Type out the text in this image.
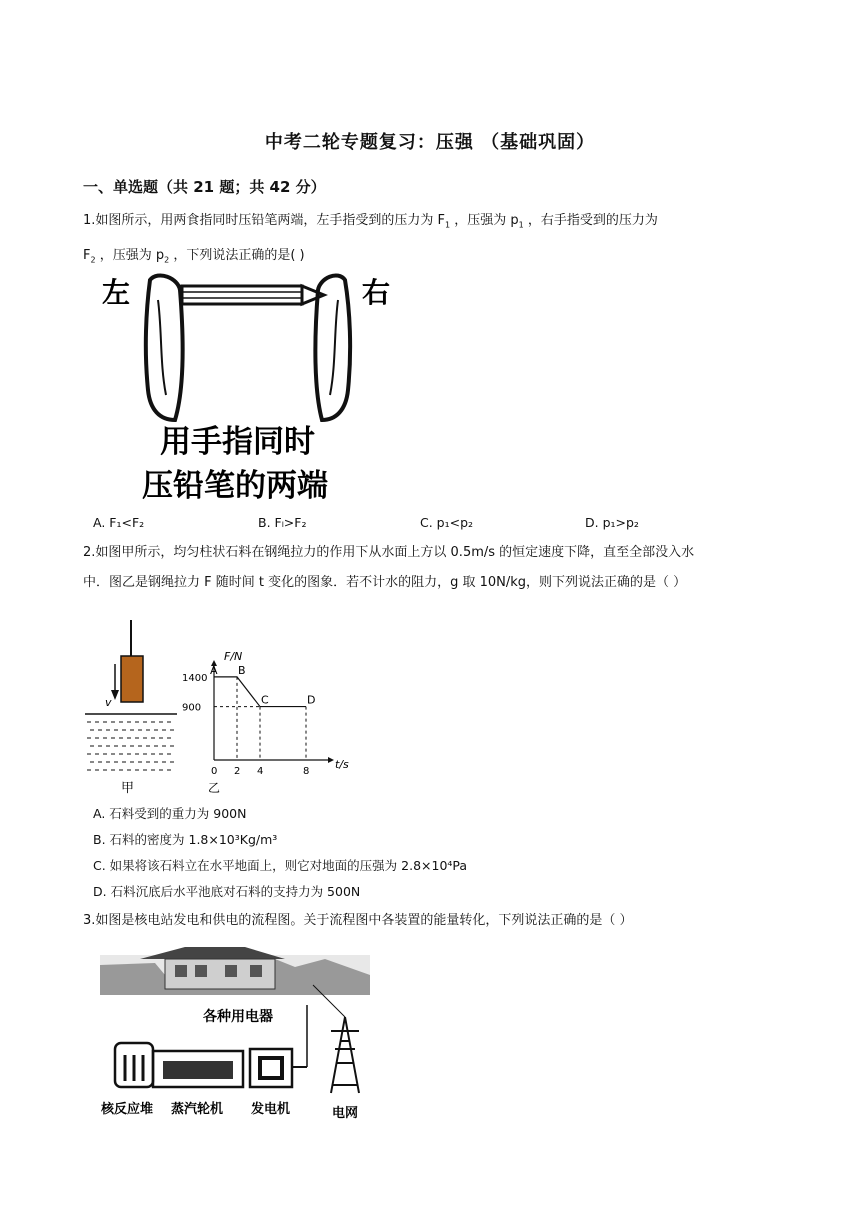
中考二轮专题复习：压强 （基础巩固）
一、单选题（共 21 题；共 42 分）
1.如图所示，用两食指同时压铅笔两端，左手指受到的压力为 $F_1$ ，压强为 $p_1$ ，右手指受到的压力为
$F_2$ ，压强为 $p_2$ ，下列说法正确的是( )
左	右
用手指同时
压铅笔的两端
A. F₁<F₂	B. Fₗ>F₂	C. p₁<p₂	D. p₁>p₂
2.如图甲所示，均匀柱状石料在钢绳拉力的作用下从水面上方以 0.5m/s 的恒定速度下降，直至全部没入水
中．图乙是钢绳拉力 F 随时间 t 变化的图象．若不计水的阻力，g 取 10N/kg，则下列说法正确的是（ ）
v
甲
F/N
t/s
乙
A B
C	D
1400
900
0 2 4	8
A. 石料受到的重力为 900N
B. 石料的密度为 1.8×10³Kg/m³
C. 如果将该石料立在水平地面上，则它对地面的压强为 2.8×10⁴Pa
D. 石料沉底后水平池底对石料的支持力为 500N
3.如图是核电站发电和供电的流程图。关于流程图中各装置的能量转化，下列说法正确的是（ ）
各种用电器
核反应堆 蒸汽轮机 发电机	电网
